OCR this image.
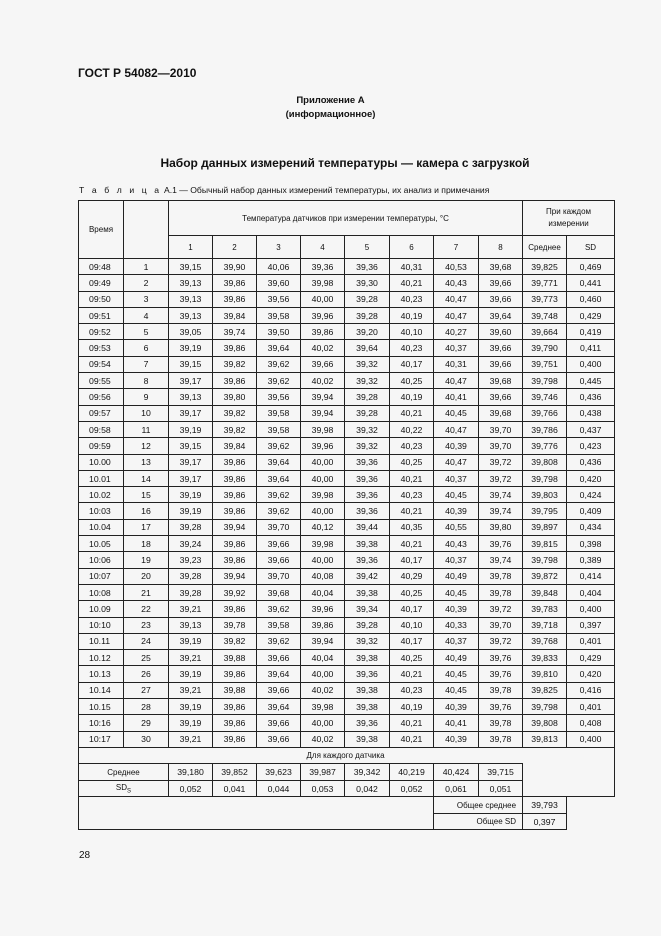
ГОСТ Р 54082—2010
Приложение А
(информационное)
Набор данных измерений температуры — камера с загрузкой
Т а б л и ц а А.1 — Обычный набор данных измерений температуры, их анализ и примечания
Время		Температура датчиков при измерении температуры, °С								При каждом измерении	
		1	2	3	4	5	6	7	8	Среднее	SD
09:48	1	39,15	39,90	40,06	39,36	39,36	40,31	40,53	39,68	39,825	0,469
09:49	2	39,13	39,86	39,60	39,98	39,30	40,21	40,43	39,66	39,771	0,441
09:50	3	39,13	39,86	39,56	40,00	39,28	40,23	40,47	39,66	39,773	0,460
09:51	4	39,13	39,84	39,58	39,96	39,28	40,19	40,47	39,64	39,748	0,429
09:52	5	39,05	39,74	39,50	39,86	39,20	40,10	40,27	39,60	39,664	0,419
09:53	6	39,19	39,86	39,64	40,02	39,64	40,23	40,37	39,66	39,790	0,411
09:54	7	39,15	39,82	39,62	39,66	39,32	40,17	40,31	39,66	39,751	0,400
09:55	8	39,17	39,86	39,62	40,02	39,32	40,25	40,47	39,68	39,798	0,445
09:56	9	39,13	39,80	39,56	39,94	39,28	40,19	40,41	39,66	39,746	0,436
09:57	10	39,17	39,82	39,58	39,94	39,28	40,21	40,45	39,68	39,766	0,438
09:58	11	39,19	39,82	39,58	39,98	39,32	40,22	40,47	39,70	39,786	0,437
09:59	12	39,15	39,84	39,62	39,96	39,32	40,23	40,39	39,70	39,776	0,423
10.00	13	39,17	39,86	39,64	40,00	39,36	40,25	40,47	39,72	39,808	0,436
10.01	14	39,17	39,86	39,64	40,00	39,36	40,21	40,37	39,72	39,798	0,420
10.02	15	39,19	39,86	39,62	39,98	39,36	40,23	40,45	39,74	39,803	0,424
10:03	16	39,19	39,86	39,62	40,00	39,36	40,21	40,39	39,74	39,795	0,409
10.04	17	39,28	39,94	39,70	40,12	39,44	40,35	40,55	39,80	39,897	0,434
10.05	18	39,24	39,86	39,66	39,98	39,38	40,21	40,43	39,76	39,815	0,398
10:06	19	39,23	39,86	39,66	40,00	39,36	40,17	40,37	39,74	39,798	0,389
10:07	20	39,28	39,94	39,70	40,08	39,42	40,29	40,49	39,78	39,872	0,414
10:08	21	39,28	39,92	39,68	40,04	39,38	40,25	40,45	39,78	39,848	0,404
10.09	22	39,21	39,86	39,62	39,96	39,34	40,17	40,39	39,72	39,783	0,400
10:10	23	39,13	39,78	39,58	39,86	39,28	40,10	40,33	39,70	39,718	0,397
10.11	24	39,19	39,82	39,62	39,94	39,32	40,17	40,37	39,72	39,768	0,401
10.12	25	39,21	39,88	39,66	40,04	39,38	40,25	40,49	39,76	39,833	0,429
10.13	26	39,19	39,86	39,64	40,00	39,36	40,21	40,45	39,76	39,810	0,420
10.14	27	39,21	39,88	39,66	40,02	39,38	40,23	40,45	39,78	39,825	0,416
10.15	28	39,19	39,86	39,64	39,98	39,38	40,19	40,39	39,76	39,798	0,401
10:16	29	39,19	39,86	39,66	40,00	39,36	40,21	40,41	39,78	39,808	0,408
10:17	30	39,21	39,86	39,66	40,02	39,38	40,21	40,39	39,78	39,813	0,400
		Для каждого датчика									
Среднее		39,180	39,852	39,623	39,987	39,342	40,219	40,424	39,715		
$SD_S$		0,052	0,041	0,044	0,053	0,042	0,052	0,061	0,051		
								Общее среднее		39,793	
								Общее SD		0,397	
28
